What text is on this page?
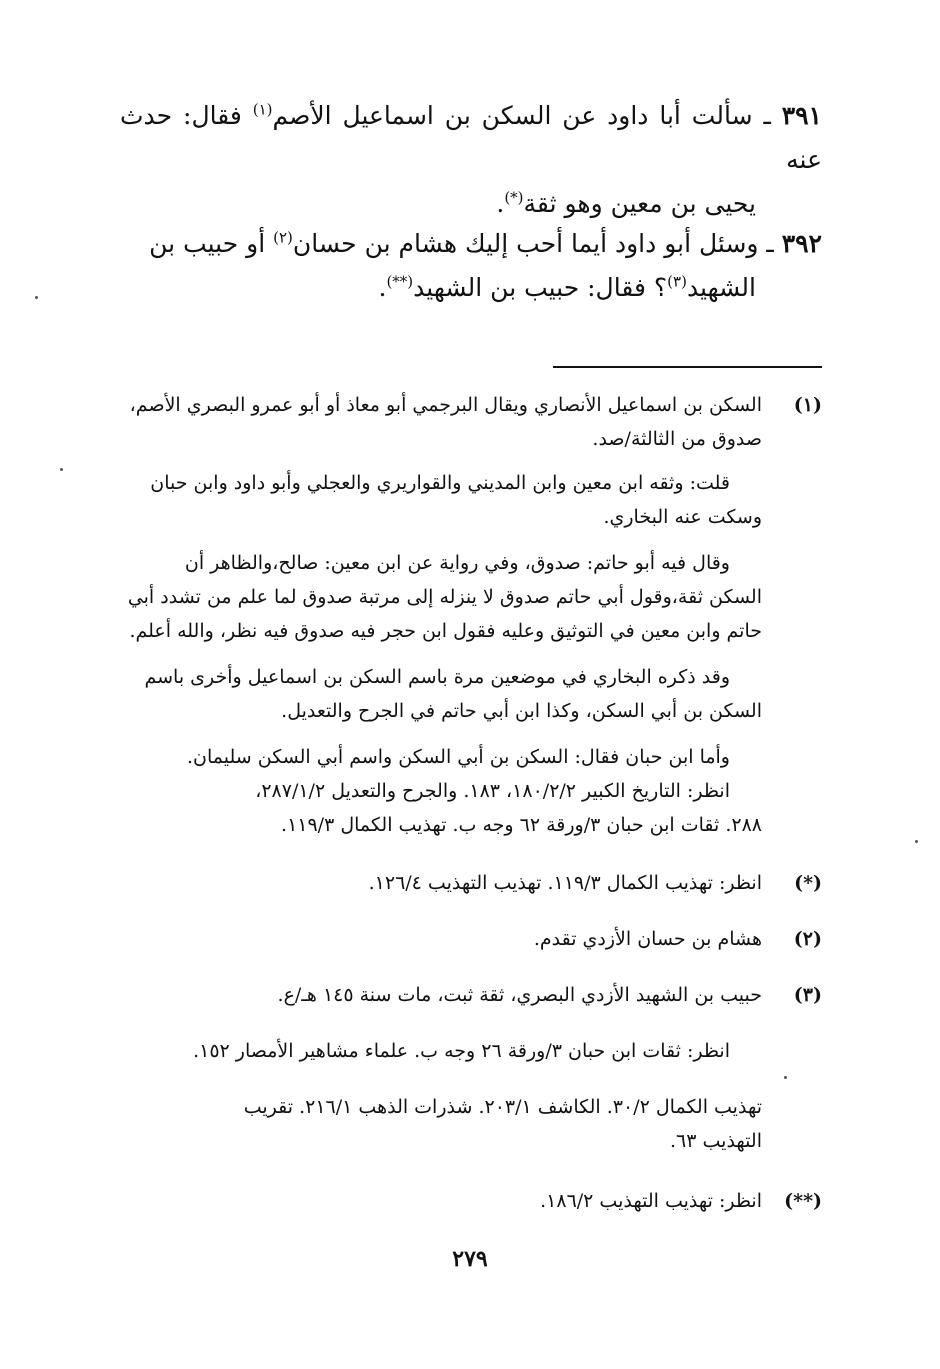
٣٩١ ـ سألت أبا داود عن السكن بن اسماعيل الأصم$^{(١)}$ فقال: حدث عنه
يحيى بن معين وهو ثقة(*).
٣٩٢ ـ وسئل أبو داود أيما أحب إليك هشام بن حسان$^{(٢)}$ أو حبيب بن
الشهيد$^{(٣)}$؟ فقال: حبيب بن الشهيد(**).
(١)
السكن بن اسماعيل الأنصاري ويقال البرجمي أبو معاذ أو أبو عمرو البصري الأصم،
صدوق من الثالثة/صد.
قلت: وثقه ابن معين وابن المديني والقواريري والعجلي وأبو داود وابن حبان
وسكت عنه البخاري.
وقال فيه أبو حاتم: صدوق، وفي رواية عن ابن معين: صالح،والظاهر أن
السكن ثقة،وقول أبي حاتم صدوق لا ينزله إلى مرتبة صدوق لما علم من تشدد أبي
حاتم وابن معين في التوثيق وعليه فقول ابن حجر فيه صدوق فيه نظر، والله أعلم.
وقد ذكره البخاري في موضعين مرة باسم السكن بن اسماعيل وأخرى باسم
السكن بن أبي السكن، وكذا ابن أبي حاتم في الجرح والتعديل.
وأما ابن حبان فقال: السكن بن أبي السكن واسم أبي السكن سليمان.
انظر: التاريخ الكبير ١٨٠/٢/٢، ١٨٣. والجرح والتعديل ٢٨٧/١/٢،
٢٨٨. ثقات ابن حبان ٣/ورقة ٦٢ وجه ب. تهذيب الكمال ١١٩/٣.
(*)
انظر: تهذيب الكمال ١١٩/٣. تهذيب التهذيب ١٢٦/٤.
(٢)
هشام بن حسان الأزدي تقدم.
(٣)
حبيب بن الشهيد الأزدي البصري، ثقة ثبت، مات سنة ١٤٥ هـ/ع.
انظر: ثقات ابن حبان ٣/ورقة ٢٦ وجه ب. علماء مشاهير الأمصار ١٥٢.
تهذيب الكمال ٣٠/٢. الكاشف ٢٠٣/١. شذرات الذهب ٢١٦/١. تقريب
التهذيب ٦٣.
(**)
انظر: تهذيب التهذيب ١٨٦/٢.
٢٧٩
